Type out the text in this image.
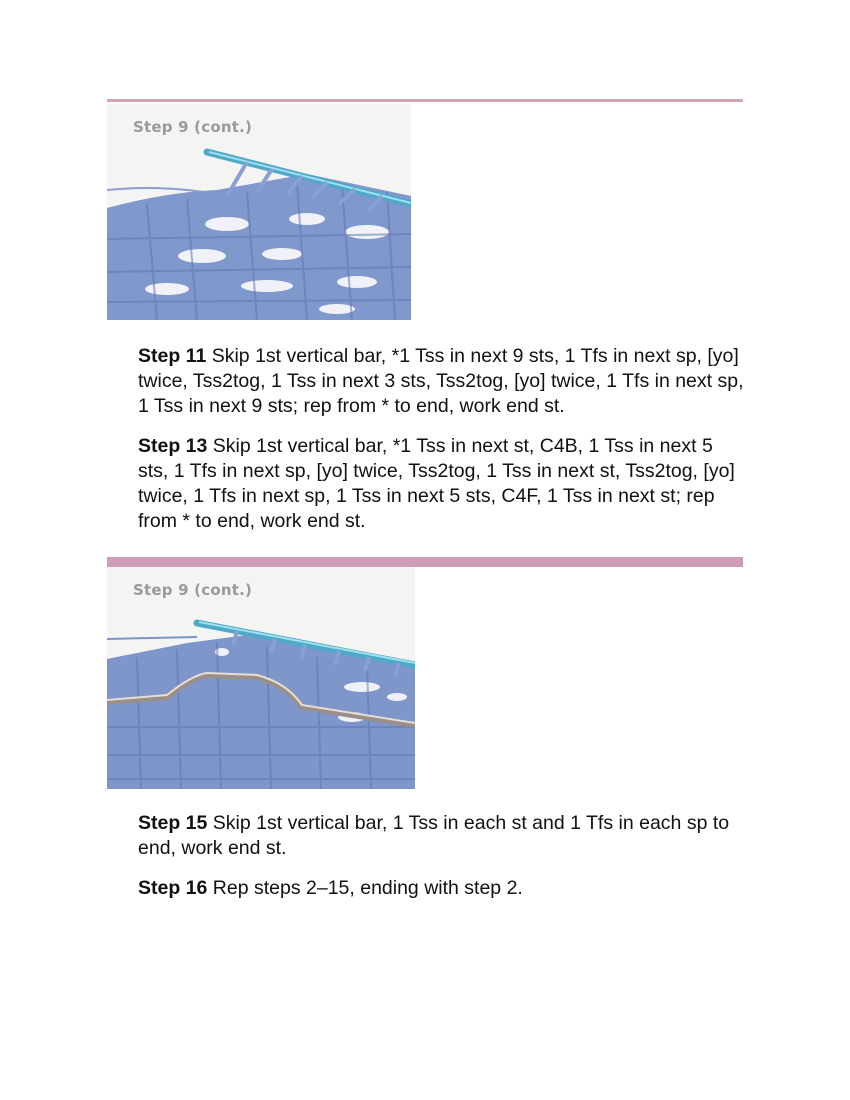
Step 9 (cont.)

Step 11 Skip 1st vertical bar, *1 Tss in next 9 sts, 1 Tfs in next sp, [yo] twice, Tss2tog, 1 Tss in next 3 sts, Tss2tog, [yo] twice, 1 Tfs in next sp, 1 Tss in next 9 sts; rep from * to end, work end st.

Step 13 Skip 1st vertical bar, *1 Tss in next st, C4B, 1 Tss in next 5 sts, 1 Tfs in next sp, [yo] twice, Tss2tog, 1 Tss in next st, Tss2tog, [yo] twice, 1 Tfs in next sp, 1 Tss in next 5 sts, C4F, 1 Tss in next st; rep from * to end, work end st.

Step 9 (cont.)

Step 15 Skip 1st vertical bar, 1 Tss in each st and 1 Tfs in each sp to end, work end st.

Step 16 Rep steps 2–15, ending with step 2.
